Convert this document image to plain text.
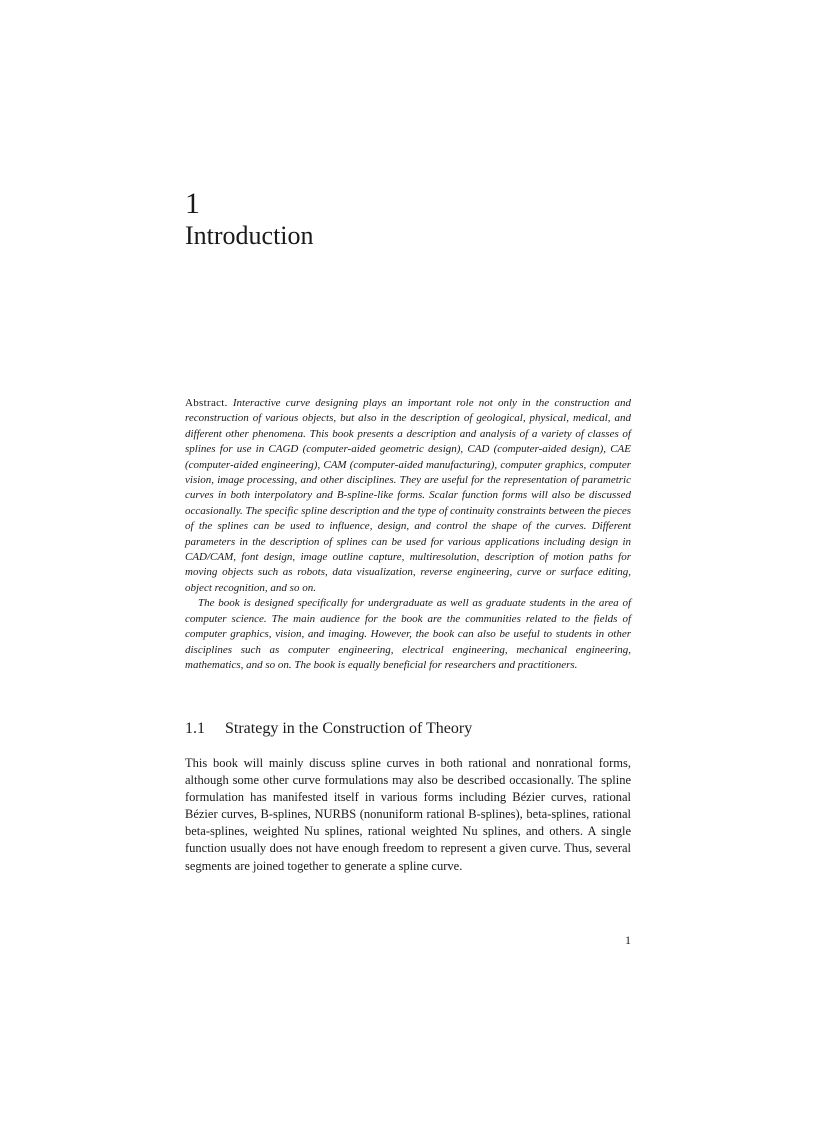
1
Introduction

Abstract. Interactive curve designing plays an important role not only in the construction and reconstruction of various objects, but also in the description of geological, physical, medical, and different other phenomena. This book presents a description and analysis of a variety of classes of splines for use in CAGD (computer-aided geometric design), CAD (computer-aided design), CAE (computer-aided engineering), CAM (computer-aided manufacturing), computer graphics, computer vision, image processing, and other disciplines. They are useful for the representation of parametric curves in both interpolatory and B-spline-like forms. Scalar function forms will also be discussed occasionally. The specific spline description and the type of continuity constraints between the pieces of the splines can be used to influence, design, and control the shape of the curves. Different parameters in the description of splines can be used for various applications including design in CAD/CAM, font design, image outline capture, multiresolution, description of motion paths for moving objects such as robots, data visualization, reverse engineering, curve or surface editing, object recognition, and so on.

The book is designed specifically for undergraduate as well as graduate students in the area of computer science. The main audience for the book are the communities related to the fields of computer graphics, vision, and imaging. However, the book can also be useful to students in other disciplines such as computer engineering, electrical engineering, mechanical engineering, mathematics, and so on. The book is equally beneficial for researchers and practitioners.

1.1 Strategy in the Construction of Theory

This book will mainly discuss spline curves in both rational and nonrational forms, although some other curve formulations may also be described occasionally. The spline formulation has manifested itself in various forms including Bézier curves, rational Bézier curves, B-splines, NURBS (nonuniform rational B-splines), beta-splines, rational beta-splines, weighted Nu splines, rational weighted Nu splines, and others. A single function usually does not have enough freedom to represent a given curve. Thus, several segments are joined together to generate a spline curve.

1
